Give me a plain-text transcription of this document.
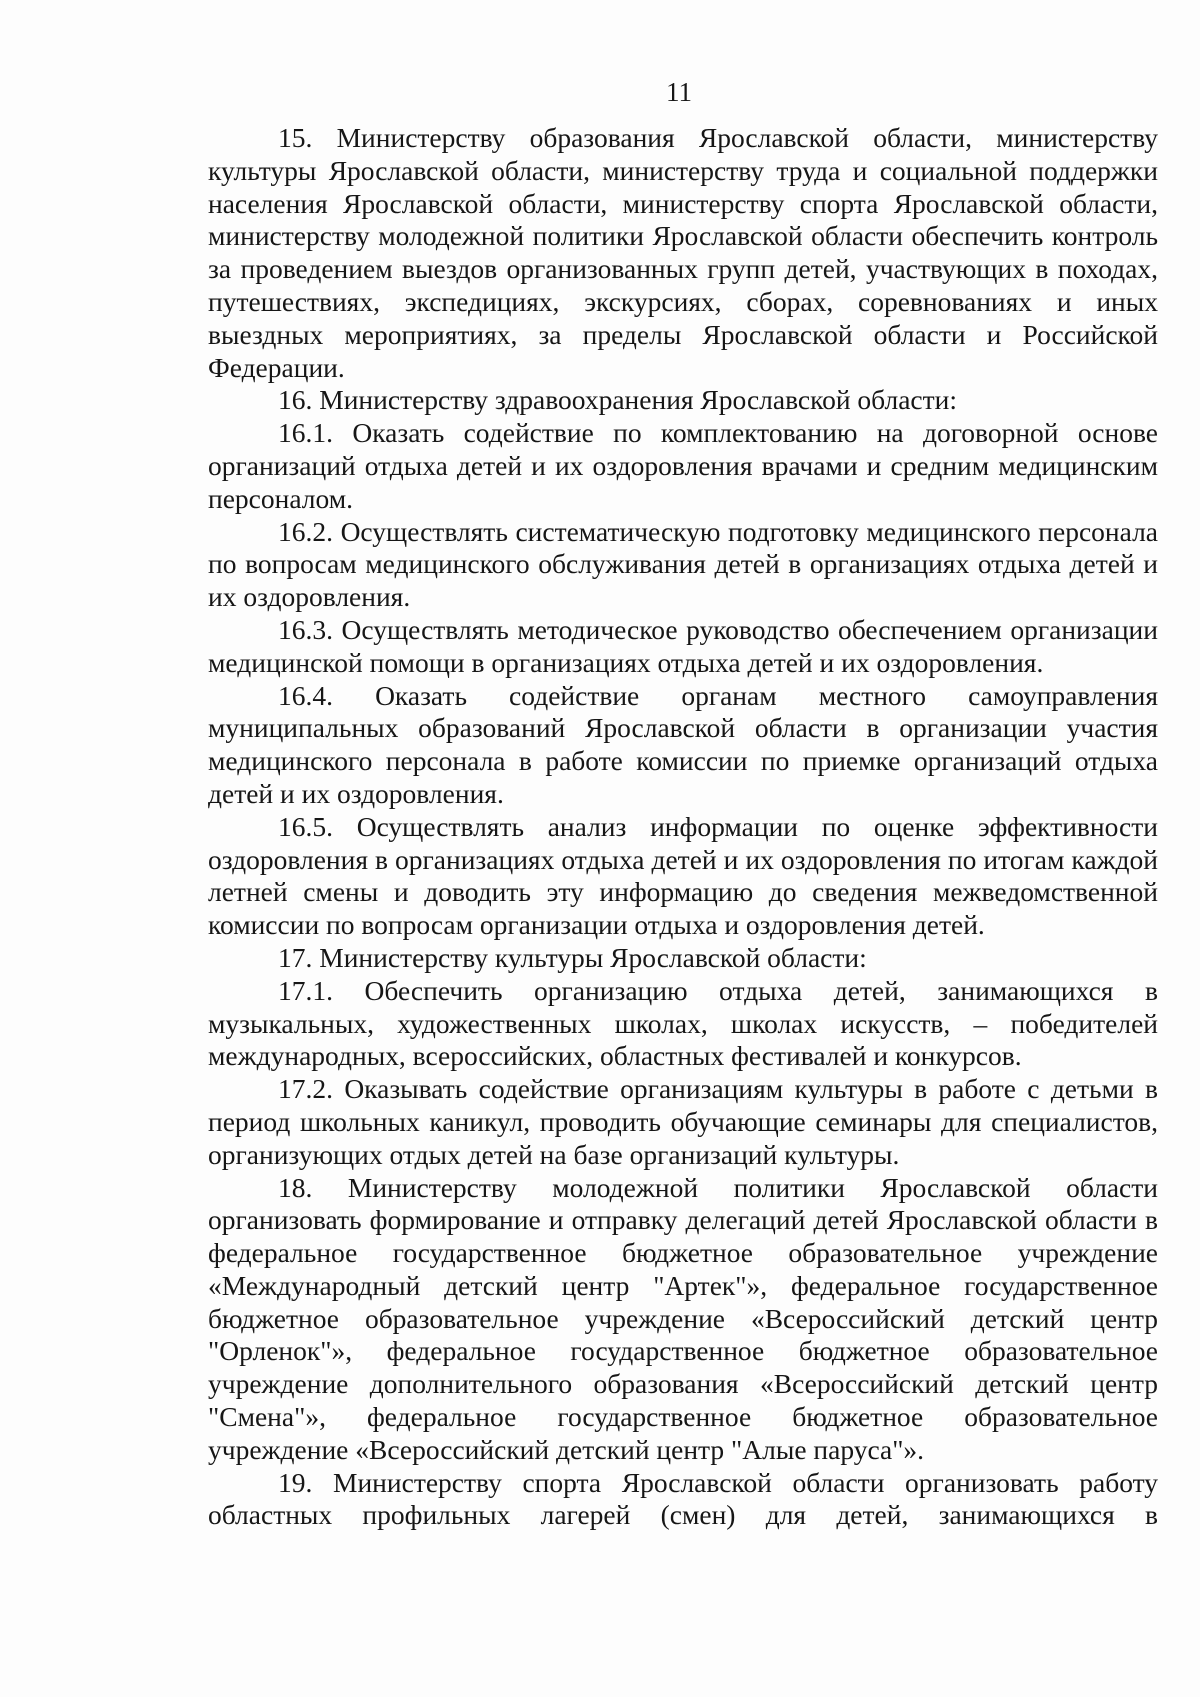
11

15. Министерству образования Ярославской области, министерству культуры Ярославской области, министерству труда и социальной поддержки населения Ярославской области, министерству спорта Ярославской области, министерству молодежной политики Ярославской области обеспечить контроль за проведением выездов организованных групп детей, участвующих в походах, путешествиях, экспедициях, экскурсиях, сборах, соревнованиях и иных выездных мероприятиях, за пределы Ярославской области и Российской Федерации.

16. Министерству здравоохранения Ярославской области:

16.1. Оказать содействие по комплектованию на договорной основе организаций отдыха детей и их оздоровления врачами и средним медицинским персоналом.

16.2. Осуществлять систематическую подготовку медицинского персонала по вопросам медицинского обслуживания детей в организациях отдыха детей и их оздоровления.

16.3. Осуществлять методическое руководство обеспечением организации медицинской помощи в организациях отдыха детей и их оздоровления.

16.4. Оказать содействие органам местного самоуправления муниципальных образований Ярославской области в организации участия медицинского персонала в работе комиссии по приемке организаций отдыха детей и их оздоровления.

16.5. Осуществлять анализ информации по оценке эффективности оздоровления в организациях отдыха детей и их оздоровления по итогам каждой летней смены и доводить эту информацию до сведения межведомственной комиссии по вопросам организации отдыха и оздоровления детей.

17. Министерству культуры Ярославской области:

17.1. Обеспечить организацию отдыха детей, занимающихся в музыкальных, художественных школах, школах искусств, – победителей международных, всероссийских, областных фестивалей и конкурсов.

17.2. Оказывать содействие организациям культуры в работе с детьми в период школьных каникул, проводить обучающие семинары для специалистов, организующих отдых детей на базе организаций культуры.

18. Министерству молодежной политики Ярославской области организовать формирование и отправку делегаций детей Ярославской области в федеральное государственное бюджетное образовательное учреждение «Международный детский центр "Артек"», федеральное государственное бюджетное образовательное учреждение «Всероссийский детский центр "Орленок"», федеральное государственное бюджетное образовательное учреждение дополнительного образования «Всероссийский детский центр "Смена"», федеральное государственное бюджетное образовательное учреждение «Всероссийский детский центр "Алые паруса"».

19. Министерству спорта Ярославской области организовать работу областных профильных лагерей (смен) для детей, занимающихся в
